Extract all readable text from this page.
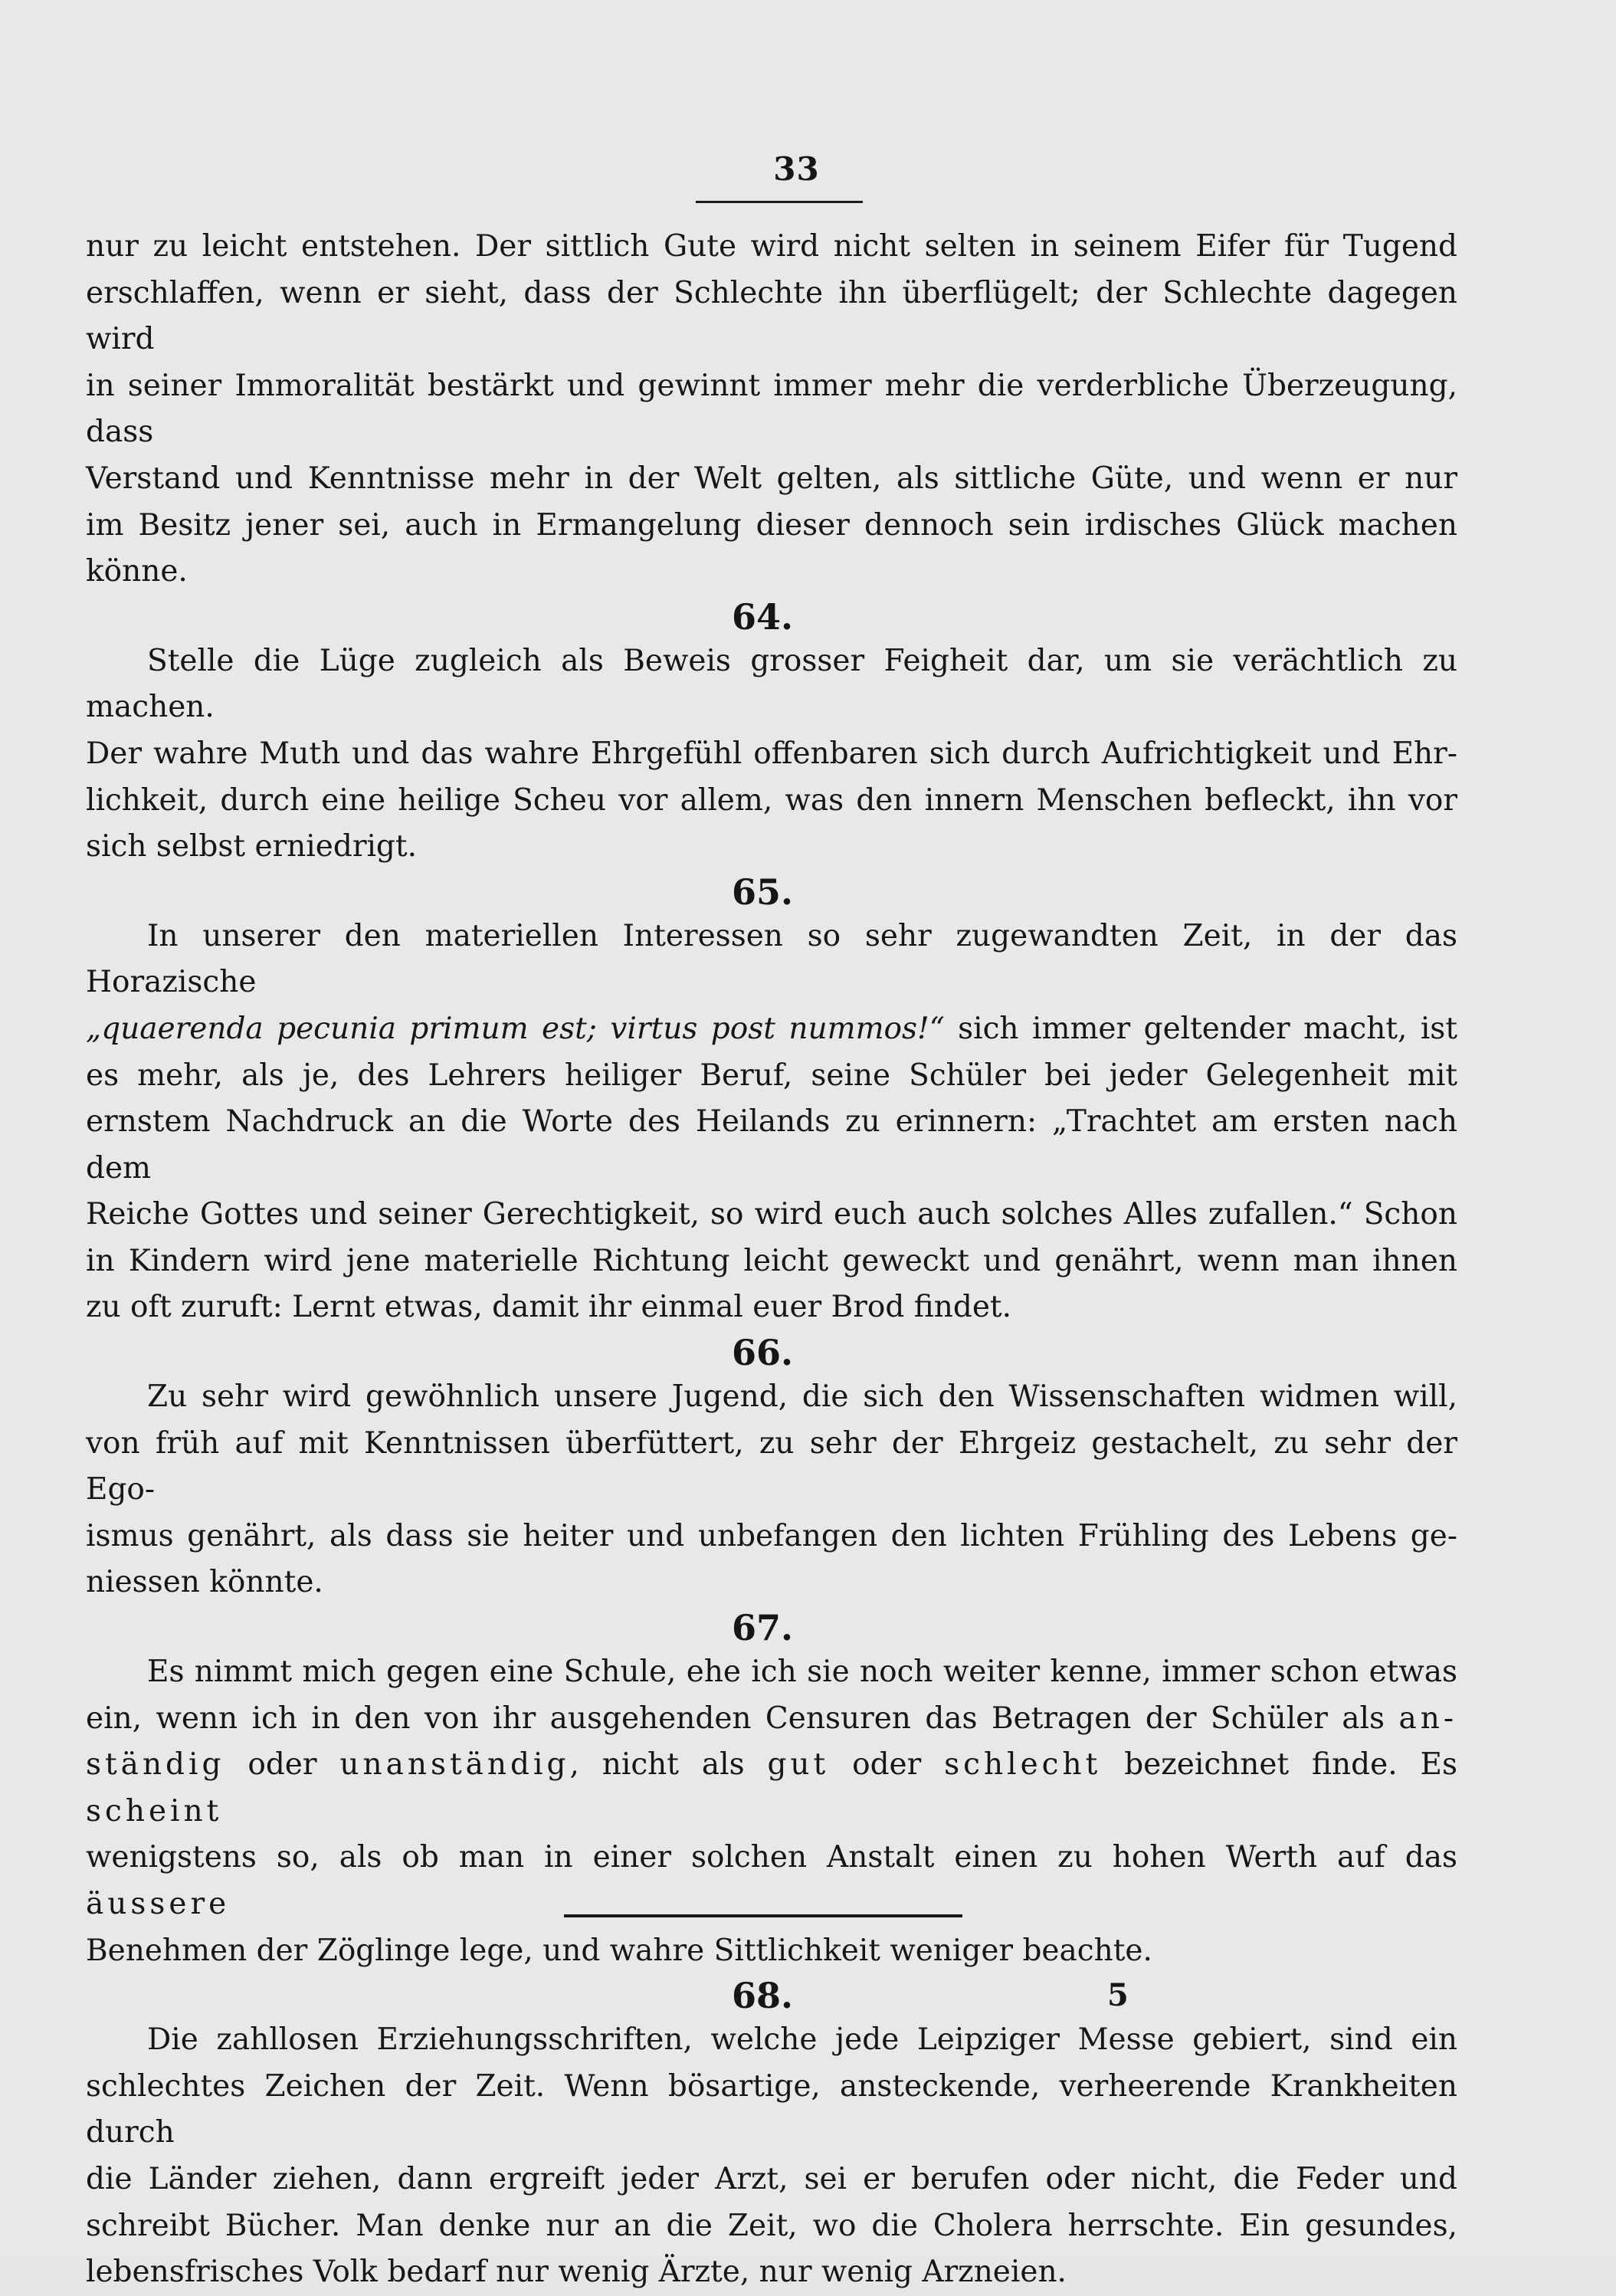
33

nur zu leicht entstehen. Der sittlich Gute wird nicht selten in seinem Eifer für Tugend

erschlaffen, wenn er sieht, dass der Schlechte ihn überflügelt; der Schlechte dagegen wird

in seiner Immoralität bestärkt und gewinnt immer mehr die verderbliche Überzeugung, dass

Verstand und Kenntnisse mehr in der Welt gelten, als sittliche Güte, und wenn er nur

im Besitz jener sei, auch in Ermangelung dieser dennoch sein irdisches Glück machen könne.

64.

Stelle die Lüge zugleich als Beweis grosser Feigheit dar, um sie verächtlich zu machen.

Der wahre Muth und das wahre Ehrgefühl offenbaren sich durch Aufrichtigkeit und Ehr-

lichkeit, durch eine heilige Scheu vor allem, was den innern Menschen befleckt, ihn vor

sich selbst erniedrigt.

65.

In unserer den materiellen Interessen so sehr zugewandten Zeit, in der das Horazische

„quaerenda pecunia primum est; virtus post nummos!“ sich immer geltender macht, ist

es mehr, als je, des Lehrers heiliger Beruf, seine Schüler bei jeder Gelegenheit mit

ernstem Nachdruck an die Worte des Heilands zu erinnern: „Trachtet am ersten nach dem

Reiche Gottes und seiner Gerechtigkeit, so wird euch auch solches Alles zufallen.“ Schon

in Kindern wird jene materielle Richtung leicht geweckt und genährt, wenn man ihnen

zu oft zuruft: Lernt etwas, damit ihr einmal euer Brod findet.

66.

Zu sehr wird gewöhnlich unsere Jugend, die sich den Wissenschaften widmen will,

von früh auf mit Kenntnissen überfüttert, zu sehr der Ehrgeiz gestachelt, zu sehr der Ego-

ismus genährt, als dass sie heiter und unbefangen den lichten Frühling des Lebens ge-

niessen könnte.

67.

Es nimmt mich gegen eine Schule, ehe ich sie noch weiter kenne, immer schon etwas

ein, wenn ich in den von ihr ausgehenden Censuren das Betragen der Schüler als an-

ständig oder unanständig, nicht als gut oder schlecht bezeichnet finde. Es scheint

wenigstens so, als ob man in einer solchen Anstalt einen zu hohen Werth auf das äussere

Benehmen der Zöglinge lege, und wahre Sittlichkeit weniger beachte.

68.

Die zahllosen Erziehungsschriften, welche jede Leipziger Messe gebiert, sind ein

schlechtes Zeichen der Zeit. Wenn bösartige, ansteckende, verheerende Krankheiten durch

die Länder ziehen, dann ergreift jeder Arzt, sei er berufen oder nicht, die Feder und

schreibt Bücher. Man denke nur an die Zeit, wo die Cholera herrschte. Ein gesundes,

lebensfrisches Volk bedarf nur wenig Ärzte, nur wenig Arzneien.

5
